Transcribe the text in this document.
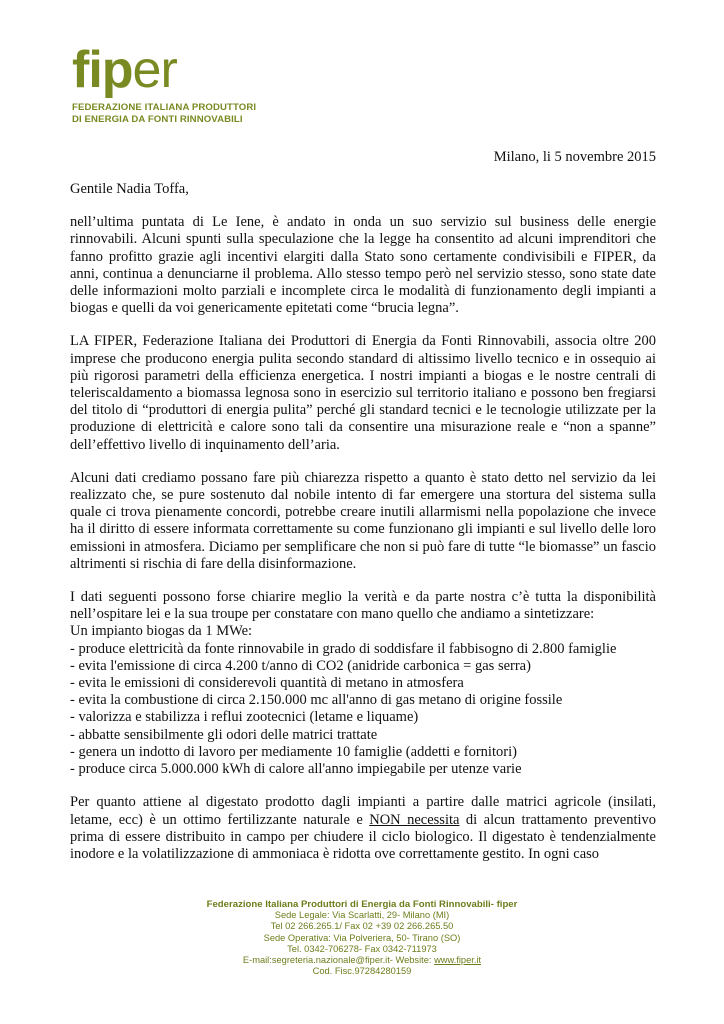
fiper
FEDERAZIONE ITALIANA PRODUTTORI
DI ENERGIA DA FONTI RINNOVABILI
Milano, li 5 novembre 2015

Gentile Nadia Toffa,

nell’ultima puntata di Le Iene, è andato in onda un suo servizio sul business delle energie rinnovabili. Alcuni spunti sulla speculazione che la legge ha consentito ad alcuni imprenditori che fanno profitto grazie agli incentivi elargiti dalla Stato sono certamente condivisibili e FIPER, da anni, continua a denunciarne il problema. Allo stesso tempo però nel servizio stesso, sono state date delle informazioni molto parziali e incomplete circa le modalità di funzionamento degli impianti a biogas e quelli da voi genericamente epitetati come “brucia legna”.

LA FIPER, Federazione Italiana dei Produttori di Energia da Fonti Rinnovabili, associa oltre 200 imprese che producono energia pulita secondo standard di altissimo livello tecnico e in ossequio ai più rigorosi parametri della efficienza energetica. I nostri impianti a biogas e le nostre centrali di teleriscaldamento a biomassa legnosa sono in esercizio sul territorio italiano e possono ben fregiarsi del titolo di “produttori di energia pulita” perché gli standard tecnici e le tecnologie utilizzate per la produzione di elettricità e calore sono tali da consentire una misurazione reale e “non a spanne” dell’effettivo livello di inquinamento dell’aria.

Alcuni dati crediamo possano fare più chiarezza rispetto a quanto è stato detto nel servizio da lei realizzato che, se pure sostenuto dal nobile intento di far emergere una stortura del sistema sulla quale ci trova pienamente concordi, potrebbe creare inutili allarmismi nella popolazione che invece ha il diritto di essere informata correttamente su come funzionano gli impianti e sul livello delle loro emissioni in atmosfera. Diciamo per semplificare che non si può fare di tutte “le biomasse” un fascio altrimenti si rischia di fare della disinformazione.

I dati seguenti possono forse chiarire meglio la verità e da parte nostra c’è tutta la disponibilità nell’ospitare lei e la sua troupe per constatare con mano quello che andiamo a sintetizzare:

Un impianto biogas da 1 MWe:

- produce elettricità da fonte rinnovabile in grado di soddisfare il fabbisogno di 2.800 famiglie
- evita l'emissione di circa 4.200 t/anno di CO2 (anidride carbonica = gas serra)
- evita le emissioni di considerevoli quantità di metano in atmosfera
- evita la combustione di circa 2.150.000 mc all'anno di gas metano di origine fossile
- valorizza e stabilizza i reflui zootecnici (letame e liquame)
- abbatte sensibilmente gli odori delle matrici trattate
- genera un indotto di lavoro per mediamente 10 famiglie (addetti e fornitori)
- produce circa 5.000.000 kWh di calore all'anno impiegabile per utenze varie

Per quanto attiene al digestato prodotto dagli impianti a partire dalle matrici agricole (insilati, letame, ecc) è un ottimo fertilizzante naturale e NON necessita di alcun trattamento preventivo prima di essere distribuito in campo per chiudere il ciclo biologico. Il digestato è tendenzialmente inodore e la volatilizzazione di ammoniaca è ridotta ove correttamente gestito. In ogni caso

Federazione Italiana Produttori di Energia da Fonti Rinnovabili- fiper
Sede Legale: Via Scarlatti, 29- Milano (MI)
Tel 02 266.265.1/ Fax 02 +39 02 266.265.50
Sede Operativa: Via Polveriera, 50- Tirano (SO)
Tel. 0342-706278- Fax 0342-711973
E-mail:segreteria.nazionale@fiper.it- Website: www.fiper.it
Cod. Fisc.97284280159
